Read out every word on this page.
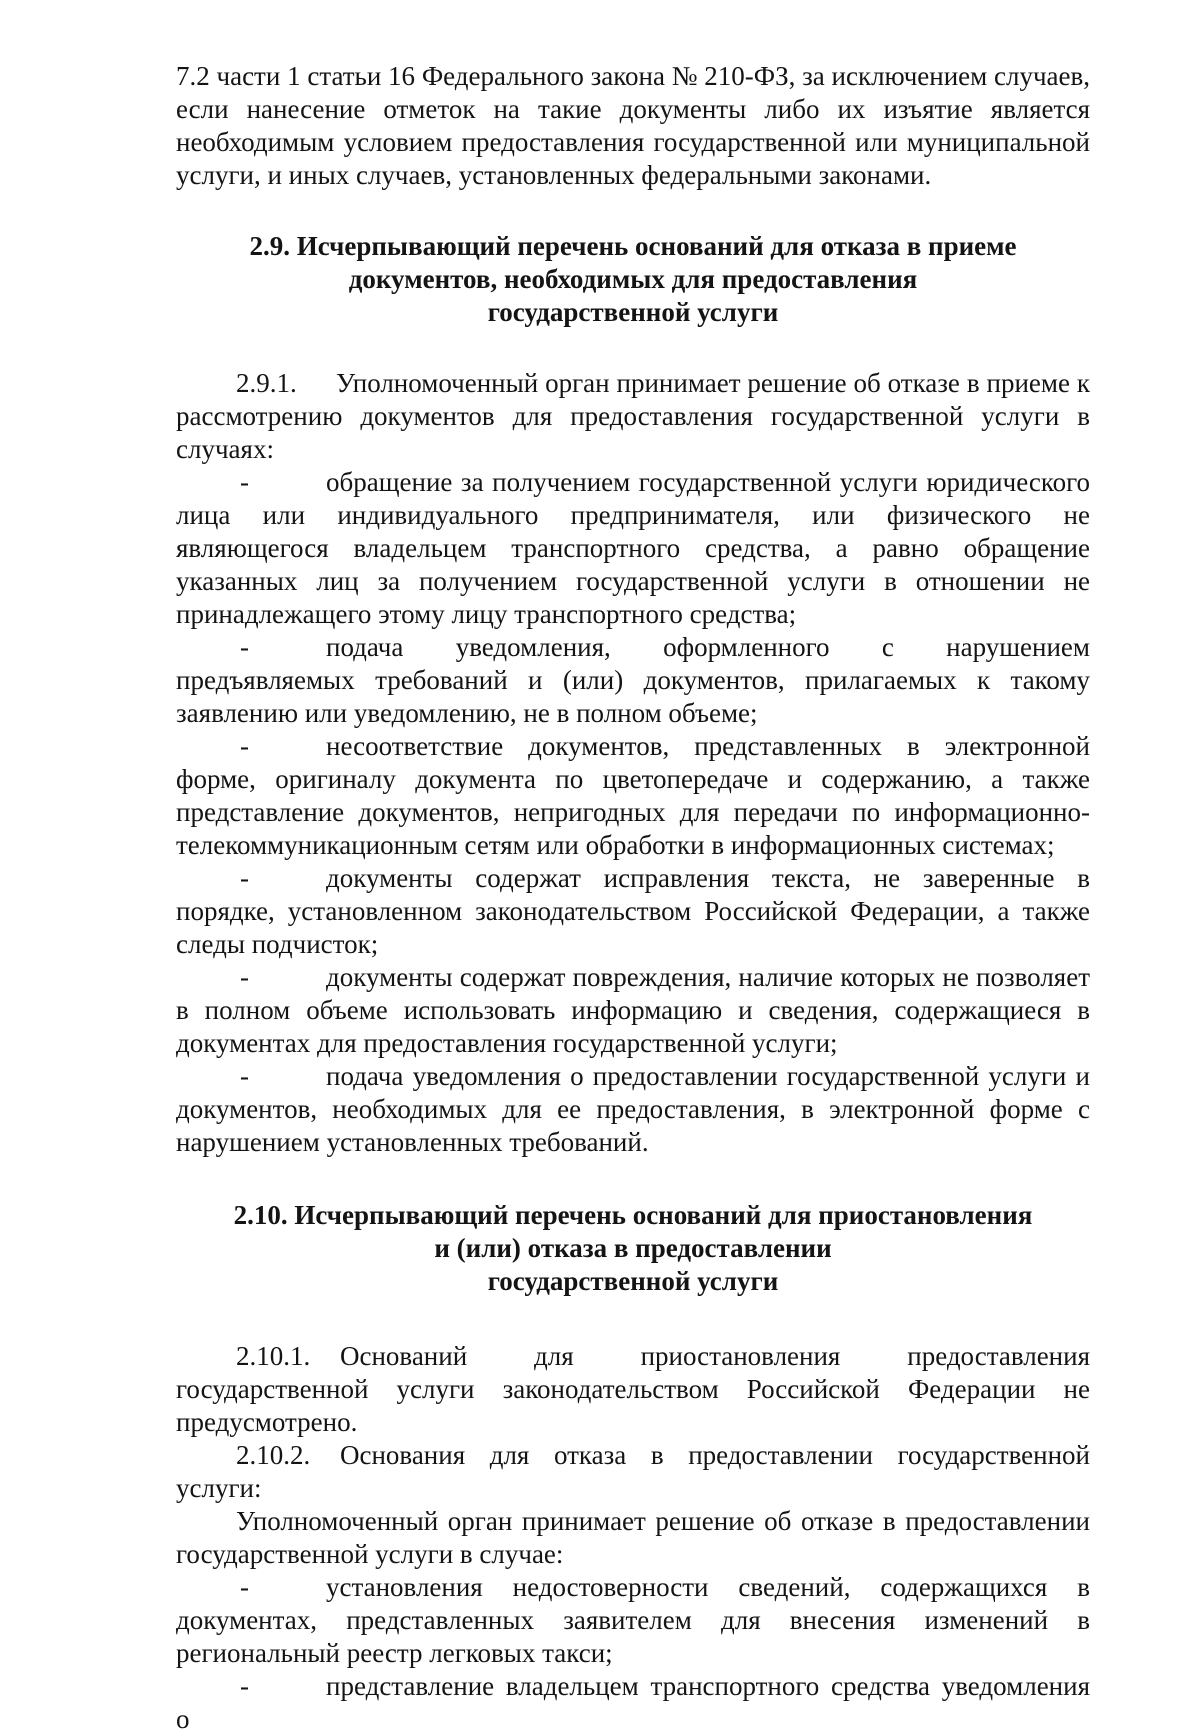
7.2 части 1 статьи 16 Федерального закона № 210-ФЗ, за исключением случаев, если нанесение отметок на такие документы либо их изъятие является необходимым условием предоставления государственной или муниципальной услуги, и иных случаев, установленных федеральными законами.

2.9. Исчерпывающий перечень оснований для отказа в приеме
документов, необходимых для предоставления
государственной услуги

2.9.1. Уполномоченный орган принимает решение об отказе в приеме к рассмотрению документов для предоставления государственной услуги в случаях:

-	обращение за получением государственной услуги юридического лица или индивидуального предпринимателя, или физического не являющегося владельцем транспортного средства, а равно обращение указанных лиц за получением государственной услуги в отношении не принадлежащего этому лицу транспортного средства;

-	подача уведомления, оформленного с нарушением предъявляемых требований и (или) документов, прилагаемых к такому заявлению или уведомлению, не в полном объеме;

-	несоответствие документов, представленных в электронной форме, оригиналу документа по цветопередаче и содержанию, а также представление документов, непригодных для передачи по информационно-телекоммуникационным сетям или обработки в информационных системах;

-	документы содержат исправления текста, не заверенные в порядке, установленном законодательством Российской Федерации, а также следы подчисток;

-	документы содержат повреждения, наличие которых не позволяет в полном объеме использовать информацию и сведения, содержащиеся в документах для предоставления государственной услуги;

-	подача уведомления о предоставлении государственной услуги и документов, необходимых для ее предоставления, в электронной форме с нарушением установленных требований.

2.10. Исчерпывающий перечень оснований для приостановления
и (или) отказа в предоставлении
государственной услуги

2.10.1. Оснований для приостановления предоставления государственной услуги законодательством Российской Федерации не предусмотрено.

2.10.2. Основания для отказа в предоставлении государственной услуги:

Уполномоченный орган принимает решение об отказе в предоставлении государственной услуги в случае:

-	установления недостоверности сведений, содержащихся в документах, представленных заявителем для внесения изменений в региональный реестр легковых такси;

-	представление владельцем транспортного средства уведомления о
